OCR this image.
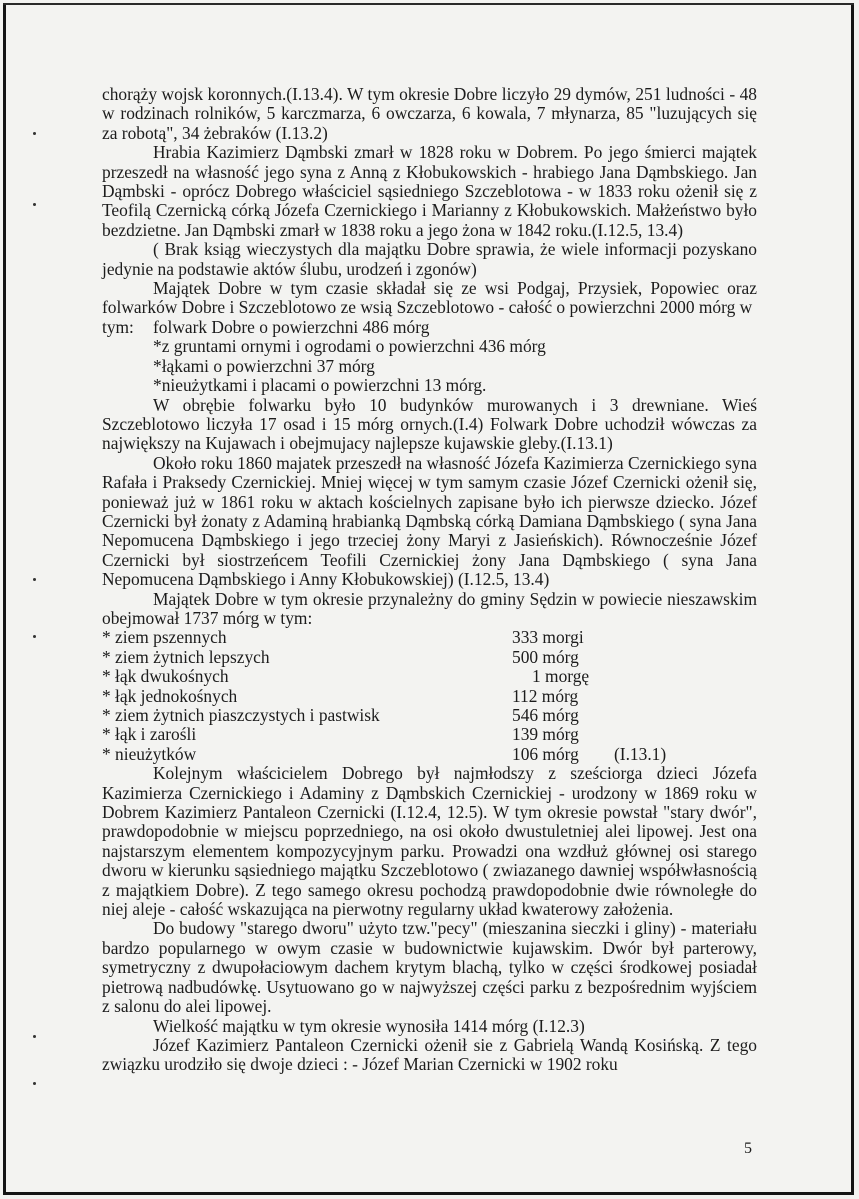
chorąży wojsk koronnych.(I.13.4). W tym okresie Dobre liczyło 29 dymów, 251 ludności - 48 w rodzinach rolników, 5 karczmarza, 6 owczarza, 6 kowala, 7 młynarza, 85 "luzujących się za robotą", 34 żebraków (I.13.2)

Hrabia Kazimierz Dąmbski zmarł w 1828 roku w Dobrem. Po jego śmierci majątek przeszedł na własność jego syna z Anną z Kłobukowskich - hrabiego Jana Dąmbskiego. Jan Dąmbski - oprócz Dobrego właściciel sąsiedniego Szczeblotowa - w 1833 roku ożenił się z Teofilą Czernicką córką Józefa Czernickiego i Marianny z Kłobukowskich. Małżeństwo było bezdzietne. Jan Dąmbski zmarł w 1838 roku a jego żona w 1842 roku.(I.12.5, 13.4)

( Brak ksiąg wieczystych dla majątku Dobre sprawia, że wiele informacji pozyskano jedynie na podstawie aktów ślubu, urodzeń i zgonów)

Majątek Dobre w tym czasie składał się ze wsi Podgaj, Przysiek, Popowiec oraz folwarków Dobre i Szczeblotowo ze wsią Szczeblotowo - całość o powierzchni 2000 mórg w

tym: folwark Dobre o powierzchni 486 mórg

*z gruntami ornymi i ogrodami o powierzchni 436 mórg

*łąkami o powierzchni 37 mórg

*nieużytkami i placami o powierzchni 13 mórg.

W obrębie folwarku było 10 budynków murowanych i 3 drewniane. Wieś Szczeblotowo liczyła 17 osad i 15 mórg ornych.(I.4) Folwark Dobre uchodził wówczas za największy na Kujawach i obejmujacy najlepsze kujawskie gleby.(I.13.1)

Około roku 1860 majatek przeszedł na własność Józefa Kazimierza Czernickiego syna Rafała i Praksedy Czernickiej. Mniej więcej w tym samym czasie Józef Czernicki ożenił się, ponieważ już w 1861 roku w aktach kościelnych zapisane było ich pierwsze dziecko. Józef Czernicki był żonaty z Adaminą hrabianką Dąmbską córką Damiana Dąmbskiego ( syna Jana Nepomucena Dąmbskiego i jego trzeciej żony Maryi z Jasieńskich). Równocześnie Józef Czernicki był siostrzeńcem Teofili Czernickiej żony Jana Dąmbskiego ( syna Jana Nepomucena Dąmbskiego i Anny Kłobukowskiej) (I.12.5, 13.4)

Majątek Dobre w tym okresie przynależny do gminy Sędzin w powiecie nieszawskim obejmował 1737 mórg w tym:

* ziem pszennych	333 morgi
* ziem żytnich lepszych	500 mórg
* łąk dwukośnych	1 morgę
* łąk jednokośnych	112 mórg
* ziem żytnich piaszczystych i pastwisk	546 mórg
* łąk i zarośli	139 mórg
* nieużytków	106 mórg	(I.13.1)

Kolejnym właścicielem Dobrego był najmłodszy z sześciorga dzieci Józefa Kazimierza Czernickiego i Adaminy z Dąmbskich Czernickiej - urodzony w 1869 roku w Dobrem Kazimierz Pantaleon Czernicki (I.12.4, 12.5). W tym okresie powstał "stary dwór", prawdopodobnie w miejscu poprzedniego, na osi około dwustuletniej alei lipowej. Jest ona najstarszym elementem kompozycyjnym parku. Prowadzi ona wzdłuż głównej osi starego dworu w kierunku sąsiedniego majątku Szczeblotowo ( zwiazanego dawniej współwłasnością z majątkiem Dobre). Z tego samego okresu pochodzą prawdopodobnie dwie równoległe do niej aleje - całość wskazująca na pierwotny regularny układ kwaterowy założenia.

Do budowy "starego dworu" użyto tzw."pecy" (mieszanina sieczki i gliny) - materiału bardzo popularnego w owym czasie w budownictwie kujawskim. Dwór był parterowy, symetryczny z dwupołaciowym dachem krytym blachą, tylko w części środkowej posiadał pietrową nadbudówkę. Usytuowano go w najwyższej części parku z bezpośrednim wyjściem z salonu do alei lipowej.

Wielkość majątku w tym okresie wynosiła 1414 mórg (I.12.3)

Józef Kazimierz Pantaleon Czernicki ożenił sie z Gabrielą Wandą Kosińską. Z tego związku urodziło się dwoje dzieci : - Józef Marian Czernicki w 1902 roku

5
